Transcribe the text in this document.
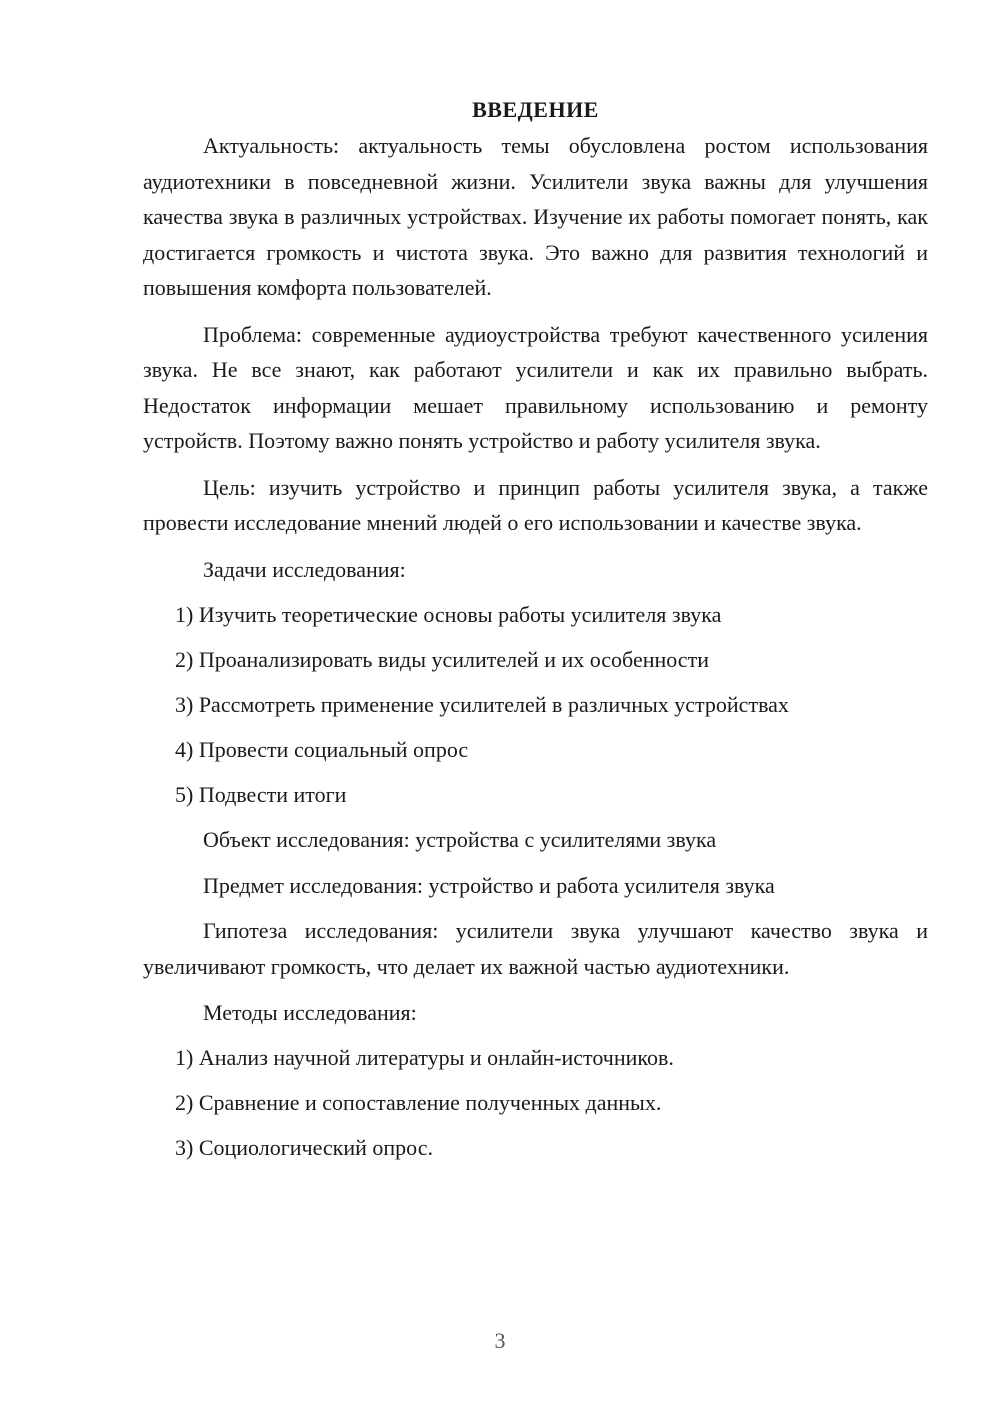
ВВЕДЕНИЕ

Актуальность: актуальность темы обусловлена ростом использования аудиотехники в повседневной жизни. Усилители звука важны для улучшения качества звука в различных устройствах. Изучение их работы помогает понять, как достигается громкость и чистота звука. Это важно для развития технологий и повышения комфорта пользователей.

Проблема: современные аудиоустройства требуют качественного усиления звука. Не все знают, как работают усилители и как их правильно выбрать. Недостаток информации мешает правильному использованию и ремонту устройств. Поэтому важно понять устройство и работу усилителя звука.

Цель: изучить устройство и принцип работы усилителя звука, а также провести исследование мнений людей о его использовании и качестве звука.

Задачи исследования:
1) Изучить теоретические основы работы усилителя звука
2) Проанализировать виды усилителей и их особенности
3) Рассмотреть применение усилителей в различных устройствах
4) Провести социальный опрос
5) Подвести итоги
Объект исследования: устройства с усилителями звука
Предмет исследования: устройство и работа усилителя звука

Гипотеза исследования: усилители звука улучшают качество звука и увеличивают громкость, что делает их важной частью аудиотехники.

Методы исследования:
1) Анализ научной литературы и онлайн-источников.
2) Сравнение и сопоставление полученных данных.
3) Социологический опрос.
3
